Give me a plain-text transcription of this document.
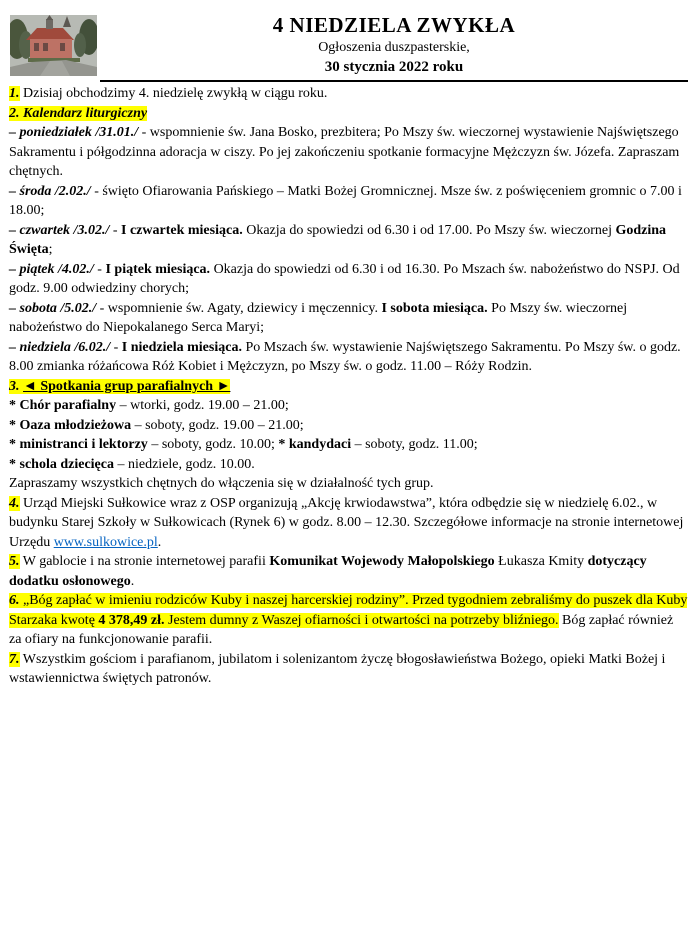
4 NIEDZIELA ZWYKŁA
Ogłoszenia duszpasterskie,
30 stycznia 2022 roku

1. Dzisiaj obchodzimy 4. niedzielę zwykłą w ciągu roku.

2. Kalendarz liturgiczny

– poniedziałek /31.01./ - wspomnienie św. Jana Bosko, prezbitera; Po Mszy św. wieczornej wystawienie Najświętszego Sakramentu i półgodzinna adoracja w ciszy. Po jej zakończeniu spotkanie formacyjne Mężczyzn św. Józefa. Zapraszam chętnych.

– środa /2.02./ - święto Ofiarowania Pańskiego – Matki Bożej Gromnicznej. Msze św. z poświęceniem gromnic o 7.00 i 18.00;

– czwartek /3.02./ - I czwartek miesiąca. Okazja do spowiedzi od 6.30 i od 17.00. Po Mszy św. wieczornej Godzina Święta;

– piątek /4.02./ - I piątek miesiąca. Okazja do spowiedzi od 6.30 i od 16.30. Po Mszach św. nabożeństwo do NSPJ. Od godz. 9.00 odwiedziny chorych;

– sobota /5.02./ - wspomnienie św. Agaty, dziewicy i męczennicy. I sobota miesiąca. Po Mszy św. wieczornej nabożeństwo do Niepokalanego Serca Maryi;

– niedziela /6.02./ - I niedziela miesiąca. Po Mszach św. wystawienie Najświętszego Sakramentu. Po Mszy św. o godz. 8.00 zmianka różańcowa Róż Kobiet i Mężczyzn, po Mszy św. o godz. 11.00 – Róży Rodzin.

3. ◄ Spotkania grup parafialnych ►

* Chór parafialny – wtorki, godz. 19.00 – 21.00;

* Oaza młodzieżowa – soboty, godz. 19.00 – 21.00;

* ministranci i lektorzy – soboty, godz. 10.00; * kandydaci – soboty, godz. 11.00;

* schola dziecięca – niedziele, godz. 10.00.

Zapraszamy wszystkich chętnych do włączenia się w działalność tych grup.

4. Urząd Miejski Sułkowice wraz z OSP organizują „Akcję krwiodawstwa”, która odbędzie się w niedzielę 6.02., w budynku Starej Szkoły w Sułkowicach (Rynek 6) w godz. 8.00 – 12.30. Szczegółowe informacje na stronie internetowej Urzędu www.sulkowice.pl.

5. W gablocie i na stronie internetowej parafii Komunikat Wojewody Małopolskiego Łukasza Kmity dotyczący dodatku osłonowego.

6. „Bóg zapłać w imieniu rodziców Kuby i naszej harcerskiej rodziny”. Przed tygodniem zebraliśmy do puszek dla Kuby Starzaka kwotę 4 378,49 zł. Jestem dumny z Waszej ofiarności i otwartości na potrzeby bliźniego. Bóg zapłać również za ofiary na funkcjonowanie parafii.

7. Wszystkim gościom i parafianom, jubilatom i solenizantom życzę błogosławieństwa Bożego, opieki Matki Bożej i wstawiennictwa świętych patronów.
